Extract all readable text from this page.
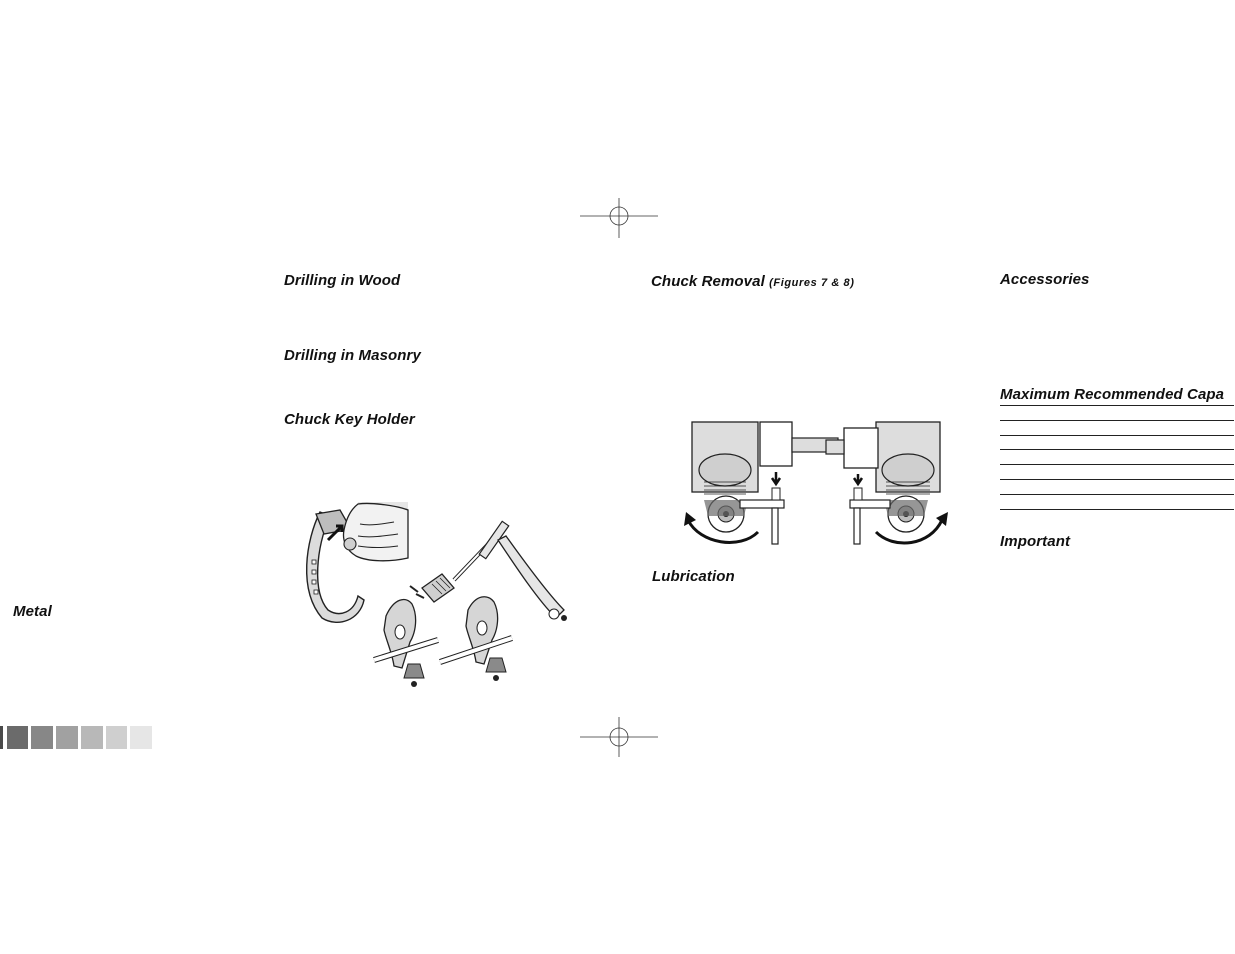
Metal
Drilling in Wood
Drilling in Masonry
Chuck Key Holder
Chuck Removal (Figures 7 & 8)
Lubrication
Accessories
Maximum Recommended Capa
Important
